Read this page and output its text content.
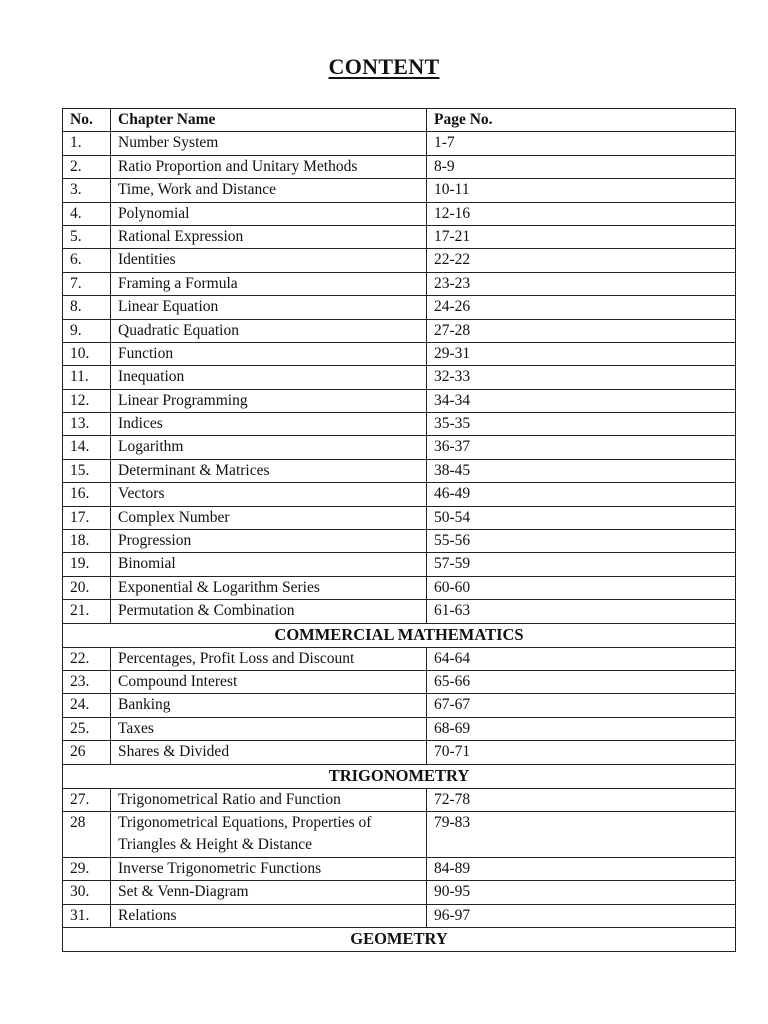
CONTENT
No.	Chapter Name	Page No.
1.	Number System	1-7
2.	Ratio Proportion and Unitary Methods	8-9
3.	Time, Work and Distance	10-11
4.	Polynomial	12-16
5.	Rational Expression	17-21
6.	Identities	22-22
7.	Framing a Formula	23-23
8.	Linear Equation	24-26
9.	Quadratic Equation	27-28
10.	Function	29-31
11.	Inequation	32-33
12.	Linear Programming	34-34
13.	Indices	35-35
14.	Logarithm	36-37
15.	Determinant & Matrices	38-45
16.	Vectors	46-49
17.	Complex Number	50-54
18.	Progression	55-56
19.	Binomial	57-59
20.	Exponential & Logarithm Series	60-60
21.	Permutation & Combination	61-63
COMMERCIAL MATHEMATICS		
22.	Percentages, Profit Loss and Discount	64-64
23.	Compound Interest	65-66
24.	Banking	67-67
25.	Taxes	68-69
26	Shares & Divided	70-71
TRIGONOMETRY		
27.	Trigonometrical Ratio and Function	72-78
28	Trigonometrical Equations, Properties of Triangles & Height & Distance	79-83
29.	Inverse Trigonometric Functions	84-89
30.	Set & Venn-Diagram	90-95
31.	Relations	96-97
GEOMETRY		
